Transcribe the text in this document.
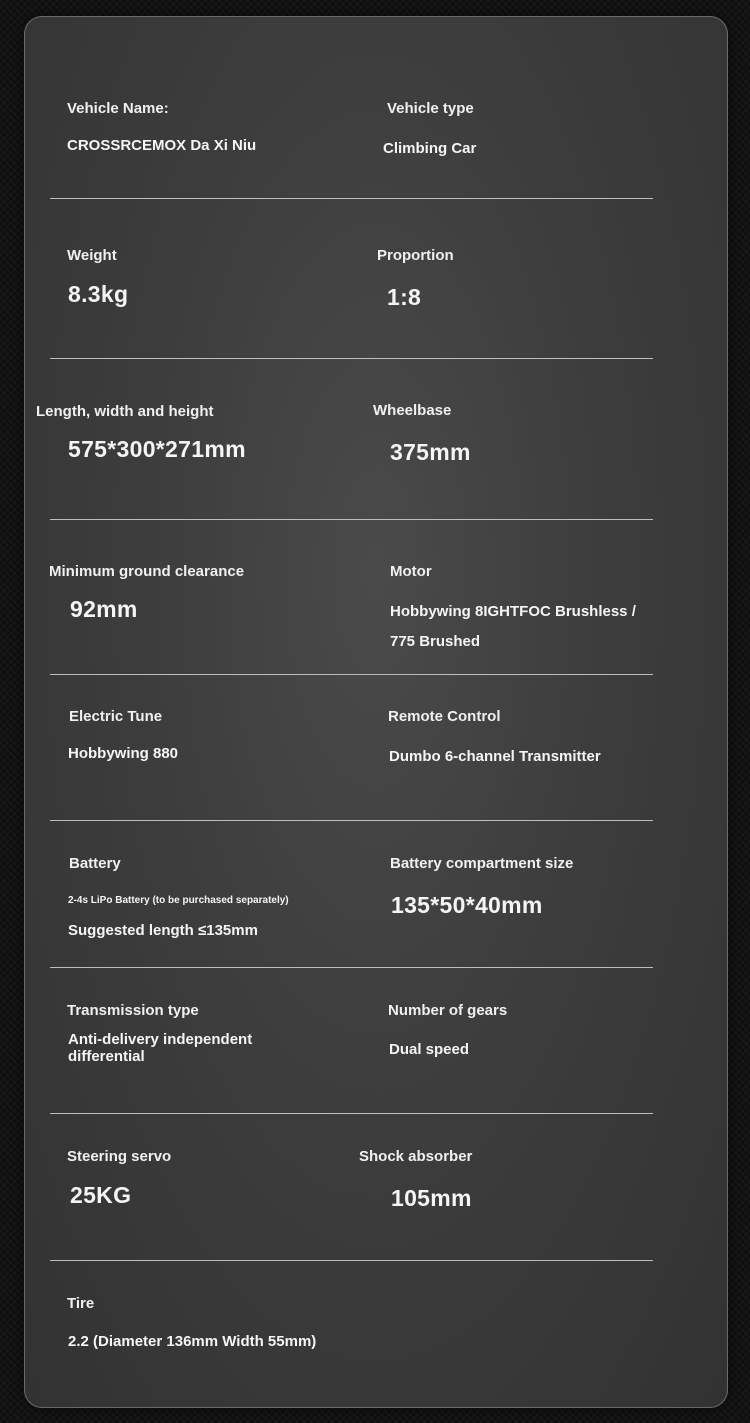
Vehicle Name:
CROSSRCEMOX Da Xi Niu
Vehicle type
Climbing Car
Weight
8.3kg
Proportion
1:8
Length, width and height
575*300*271mm
Wheelbase
375mm
Minimum ground clearance
92mm
Motor
Hobbywing 8IGHTFOC Brushless /
775 Brushed
Electric Tune
Hobbywing 880
Remote Control
Dumbo 6-channel Transmitter
Battery
2-4s LiPo Battery (to be purchased separately)
Suggested length ≤135mm
Battery compartment size
135*50*40mm
Transmission type
Anti-delivery independent differential
Number of gears
Dual speed
Steering servo
25KG
Shock absorber
105mm
Tire
2.2 (Diameter 136mm Width 55mm)
